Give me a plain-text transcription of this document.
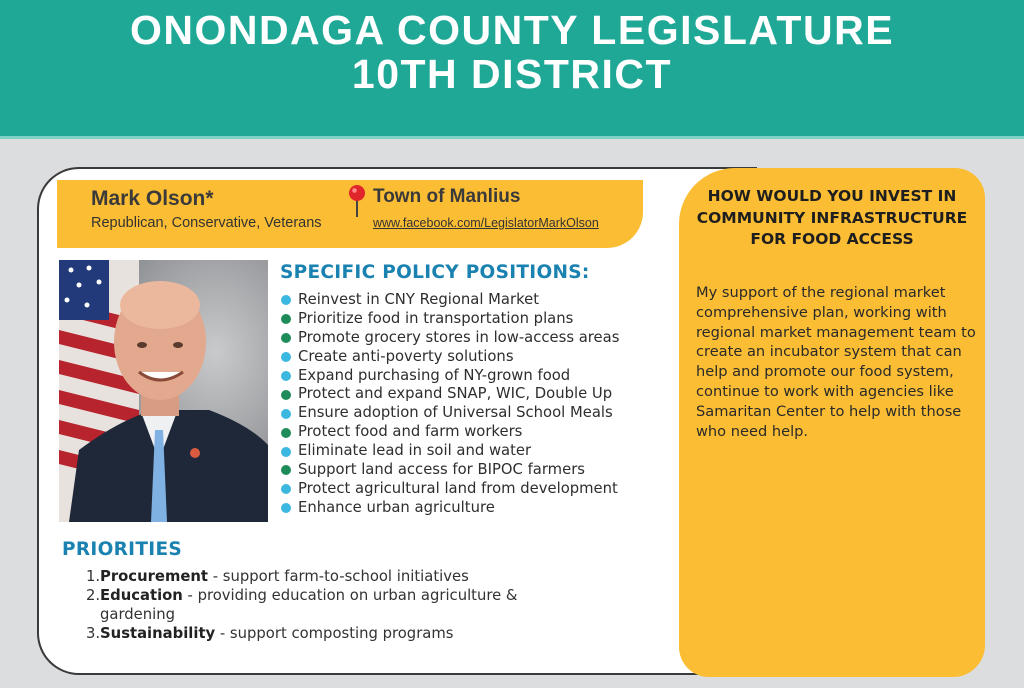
ONONDAGA COUNTY LEGISLATURE
10TH DISTRICT
Mark Olson*
Republican, Conservative, Veterans
Town of Manlius
www.facebook.com/LegislatorMarkOlson
SPECIFIC POLICY POSITIONS:
Reinvest in CNY Regional Market
Prioritize food in transportation plans
Promote grocery stores in low-access areas
Create anti-poverty solutions
Expand purchasing of NY-grown food
Protect and expand SNAP, WIC, Double Up
Ensure adoption of Universal School Meals
Protect food and farm workers
Eliminate lead in soil and water
Support land access for BIPOC farmers
Protect agricultural land from development
Enhance urban agriculture
PRIORITIES
1. Procurement - support farm-to-school initiatives
2. Education - providing education on urban agriculture & gardening
3. Sustainability - support composting programs
HOW WOULD YOU INVEST IN COMMUNITY INFRASTRUCTURE FOR FOOD ACCESS
My support of the regional market comprehensive plan, working with regional market management team to create an incubator system that can help and promote our food system, continue to work with agencies like Samaritan Center to help with those who need help.
